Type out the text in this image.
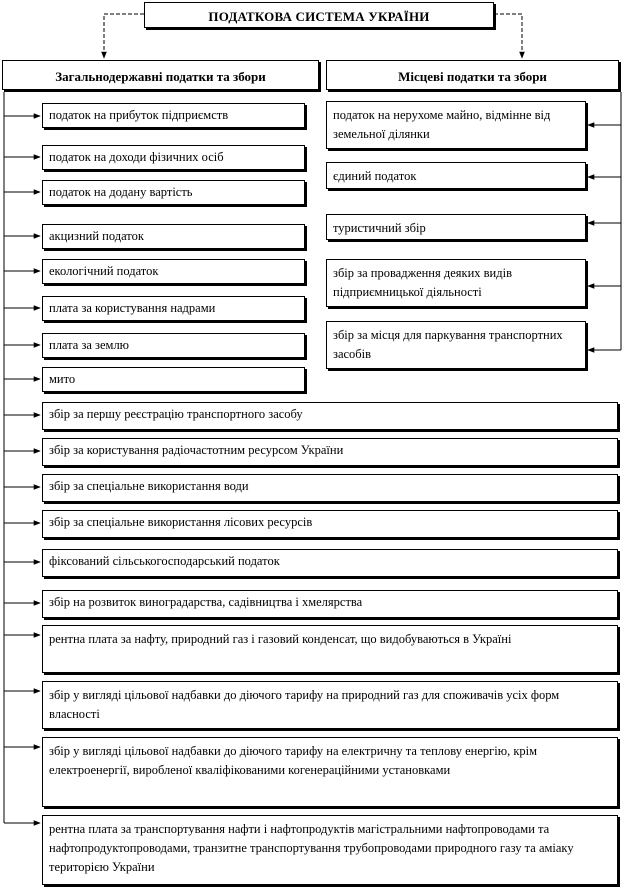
ПОДАТКОВА СИСТЕМА УКРАЇНИ
Загальнодержавні податки та збори	Місцеві податки та збори
податок на прибуток підприємств
податок на доходи фізичних осіб
податок на додану вартість
акцизний податок
екологічний податок
плата за користування надрами
плата за землю
мито
збір за першу реєстрацію транспортного засобу
збір за користування радіочастотним ресурсом України
збір за спеціальне використання води
збір за спеціальне використання лісових ресурсів
фіксований сільськогосподарський податок
збір на розвиток виноградарства, садівництва і хмелярства
рентна плата за нафту, природний газ і газовий конденсат, що видобуваються в Україні
збір у вигляді цільової надбавки до діючого тарифу на природний газ для споживачів усіх форм власності
збір у вигляді цільової надбавки до діючого тарифу на електричну та теплову енергію, крім електроенергії, виробленої кваліфікованими когенераційними установками
рентна плата за транспортування нафти і нафтопродуктів магістральними нафтопроводами та нафтопродуктопроводами, транзитне транспортування трубопроводами природного газу та аміаку територією України
податок на нерухоме майно, відмінне від земельної ділянки
єдиний податок
туристичний збір
збір за провадження деяких видів підприємницької діяльності
збір за місця для паркування транспортних засобів
